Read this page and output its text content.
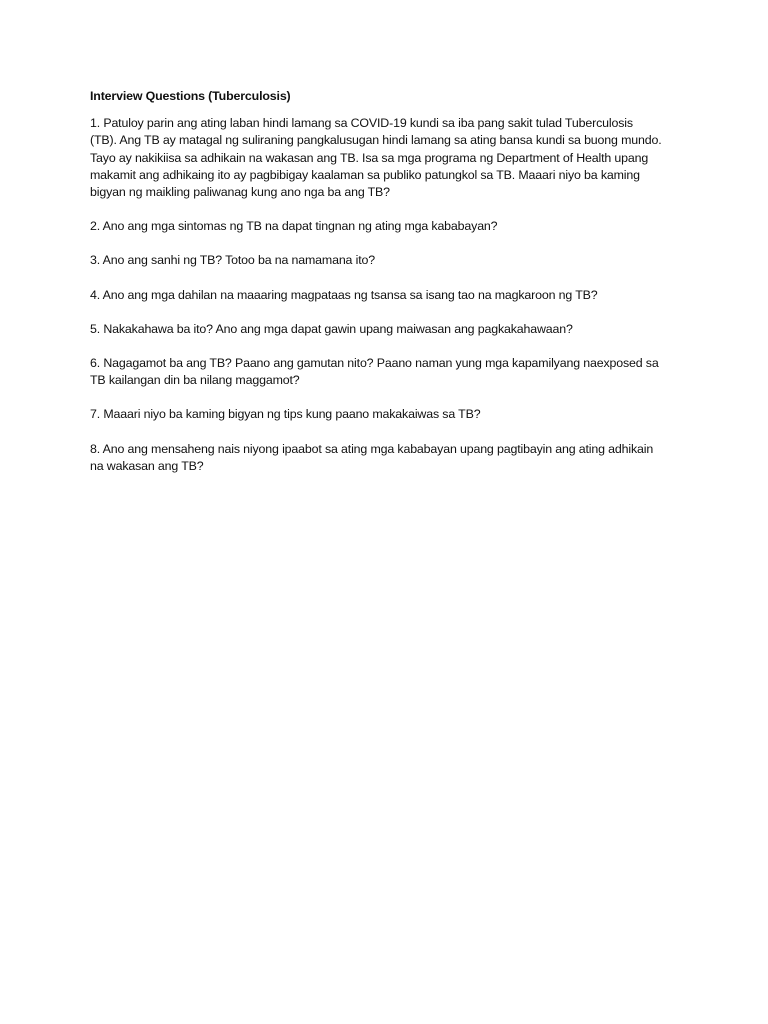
Interview Questions (Tuberculosis)

1. Patuloy parin ang ating laban hindi lamang sa COVID-19 kundi sa iba pang sakit tulad Tuberculosis
(TB). Ang TB ay matagal ng suliraning pangkalusugan hindi lamang sa ating bansa kundi sa buong mundo.
Tayo ay nakikiisa sa adhikain na wakasan ang TB. Isa sa mga programa ng Department of Health upang
makamit ang adhikaing ito ay pagbibigay kaalaman sa publiko patungkol sa TB. Maaari niyo ba kaming
bigyan ng maikling paliwanag kung ano nga ba ang TB?
2. Ano ang mga sintomas ng TB na dapat tingnan ng ating mga kababayan?
3. Ano ang sanhi ng TB? Totoo ba na namamana ito?
4. Ano ang mga dahilan na maaaring magpataas ng tsansa sa isang tao na magkaroon ng TB?
5. Nakakahawa ba ito? Ano ang mga dapat gawin upang maiwasan ang pagkakahawaan?
6. Nagagamot ba ang TB? Paano ang gamutan nito? Paano naman yung mga kapamilyang naexposed sa
TB kailangan din ba nilang maggamot?
7. Maaari niyo ba kaming bigyan ng tips kung paano makakaiwas sa TB?
8. Ano ang mensaheng nais niyong ipaabot sa ating mga kababayan upang pagtibayin ang ating adhikain
na wakasan ang TB?
